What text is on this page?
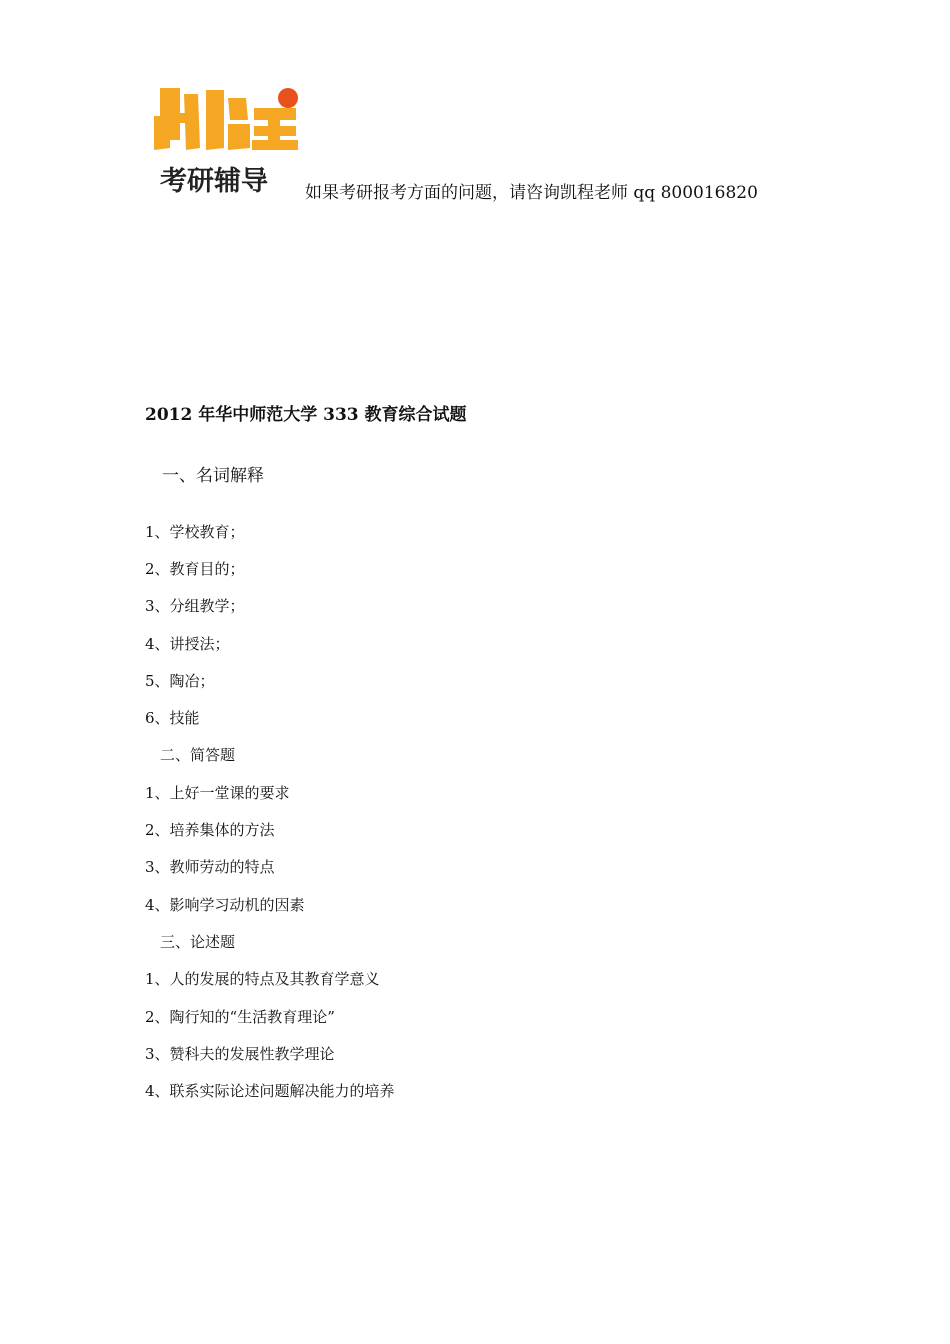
考研辅导 如果考研报考方面的问题，请咨询凯程老师 qq 800016820
2012 年华中师范大学 333 教育综合试题
一、名词解释
1、学校教育；
2、教育目的；
3、分组教学；
4、讲授法；
5、陶冶；
6、技能
二、简答题
1、上好一堂课的要求
2、培养集体的方法
3、教师劳动的特点
4、影响学习动机的因素
三、论述题
1、人的发展的特点及其教育学意义
2、陶行知的“生活教育理论”
3、赞科夫的发展性教学理论
4、联系实际论述问题解决能力的培养
